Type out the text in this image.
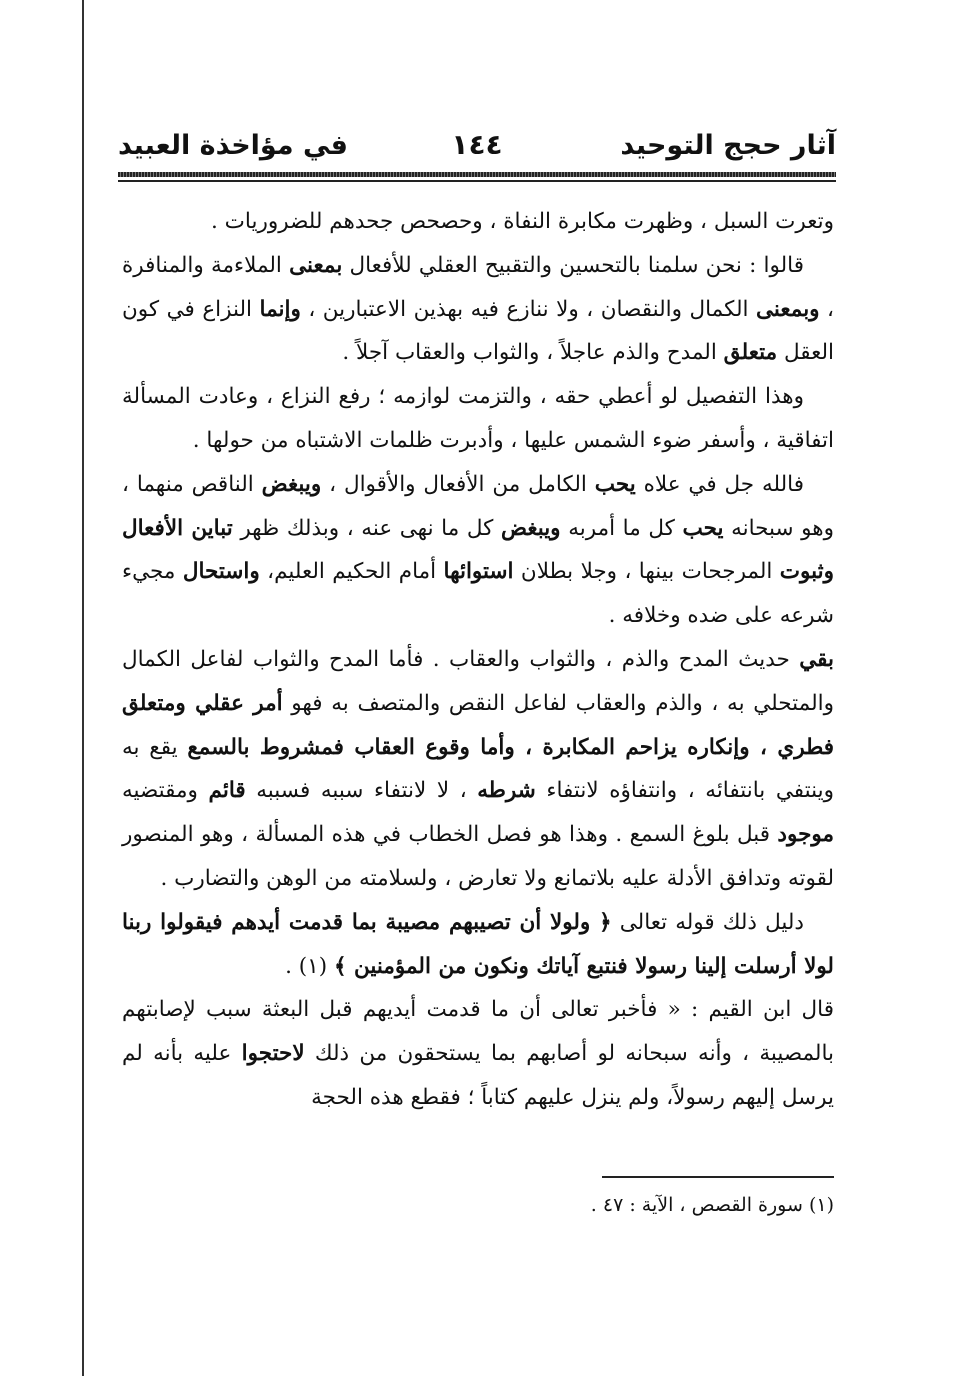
آثار حجج التوحيد
١٤٤
في مؤاخذة العبيد

وتعرت السبل ، وظهرت مكابرة النفاة ، وحصحص جحدهم للضروريات .

قالوا : نحن سلمنا بالتحسين والتقبيح العقلي للأفعال بمعنى الملاءمة والمنافرة ، وبمعنى الكمال والنقصان ، ولا ننازع فيه بهذين الاعتبارين ، وإنما النزاع في كون العقل متعلق المدح والذم عاجلاً ، والثواب والعقاب آجلاً .

وهذا التفصيل لو أعطي حقه ، والتزمت لوازمه ؛ رفع النزاع ، وعادت المسألة اتفاقية ، وأسفر ضوء الشمس عليها ، وأدبرت ظلمات الاشتباه من حولها .

فالله جل في علاه يحب الكامل من الأفعال والأقوال ، ويبغض الناقص منهما ، وهو سبحانه يحب كل ما أمربه ويبغض كل ما نهى عنه ، وبذلك ظهر تباين الأفعال وثبوت المرجحات بينها ، وجلا بطلان استوائها أمام الحكيم العليم، واستحال مجيء شرعه على ضده وخلافه .

بقي حديث المدح والذم ، والثواب والعقاب . فأما المدح والثواب لفاعل الكمال والمتحلي به ، والذم والعقاب لفاعل النقص والمتصف به فهو أمر عقلي ومتعلق فطري ، وإنكاره يزاحم المكابرة ، وأما وقوع العقاب فمشروط بالسمع يقع به وينتفي بانتفائه ، وانتفاؤه لانتفاء شرطه ، لا لانتفاء سببه فسببه قائم ومقتضيه موجود قبل بلوغ السمع . وهذا هو فصل الخطاب في هذه المسألة ، وهو المنصور لقوته وتدافق الأدلة عليه بلاتمانع ولا تعارض ، ولسلامته من الوهن والتضارب .

دليل ذلك قوله تعالى ﴿ ولولا أن تصيبهم مصيبة بما قدمت أيدهم فيقولوا ربنا لولا أرسلت إلينا رسولا فنتبع آياتك ونكون من المؤمنين ﴾ (١) .

قال ابن القيم : « فأخبر تعالى أن ما قدمت أيديهم قبل البعثة سبب لإصابتهم بالمصيبة ، وأنه سبحانه لو أصابهم بما يستحقون من ذلك لاحتجوا عليه بأنه لم يرسل إليهم رسولاً، ولم ينزل عليهم كتاباً ؛ فقطع هذه الحجة

(١) سورة القصص ، الآية : ٤٧ .
